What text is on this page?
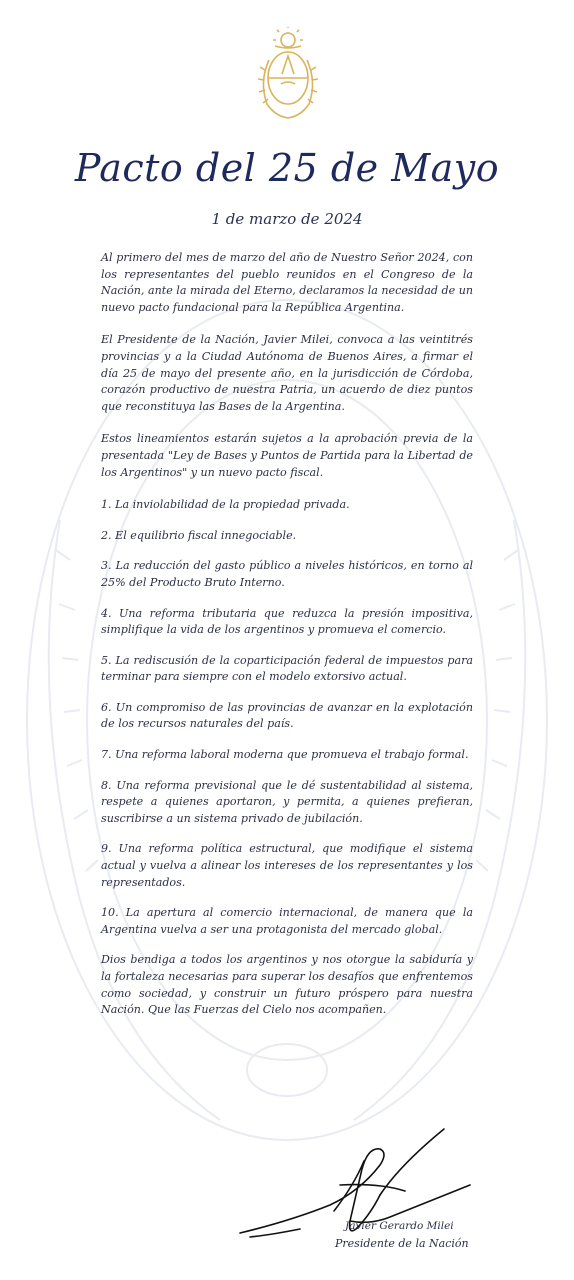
Pacto del 25 de Mayo
1 de marzo de 2024

Al primero del mes de marzo del año de Nuestro Señor 2024, con los representantes del pueblo reunidos en el Congreso de la Nación, ante la mirada del Eterno, declaramos la necesidad de un nuevo pacto fundacional para la República Argentina.

El Presidente de la Nación, Javier Milei, convoca a las veintitrés provincias y a la Ciudad Autónoma de Buenos Aires, a firmar el día 25 de mayo del presente año, en la jurisdicción de Córdoba, corazón productivo de nuestra Patria, un acuerdo de diez puntos que reconstituya las Bases de la Argentina.

Estos lineamientos estarán sujetos a la aprobación previa de la presentada "Ley de Bases y Puntos de Partida para la Libertad de los Argentinos" y un nuevo pacto fiscal.

1. La inviolabilidad de la propiedad privada.

2. El equilibrio fiscal innegociable.

3. La reducción del gasto público a niveles históricos, en torno al 25% del Producto Bruto Interno.

4. Una reforma tributaria que reduzca la presión impositiva, simplifique la vida de los argentinos y promueva el comercio.

5. La rediscusión de la coparticipación federal de impuestos para terminar para siempre con el modelo extorsivo actual.

6. Un compromiso de las provincias de avanzar en la explotación de los recursos naturales del país.

7. Una reforma laboral moderna que promueva el trabajo formal.

8. Una reforma previsional que le dé sustentabilidad al sistema, respete a quienes aportaron, y permita, a quienes prefieran, suscribirse a un sistema privado de jubilación.

9. Una reforma política estructural, que modifique el sistema actual y vuelva a alinear los intereses de los representantes y los representados.

10. La apertura al comercio internacional, de manera que la Argentina vuelva a ser una protagonista del mercado global.

Dios bendiga a todos los argentinos y nos otorgue la sabiduría y la fortaleza necesarias para superar los desafíos que enfrentemos como sociedad, y construir un futuro próspero para nuestra Nación. Que las Fuerzas del Cielo nos acompañen.

Javier Gerardo Milei
Presidente de la Nación
